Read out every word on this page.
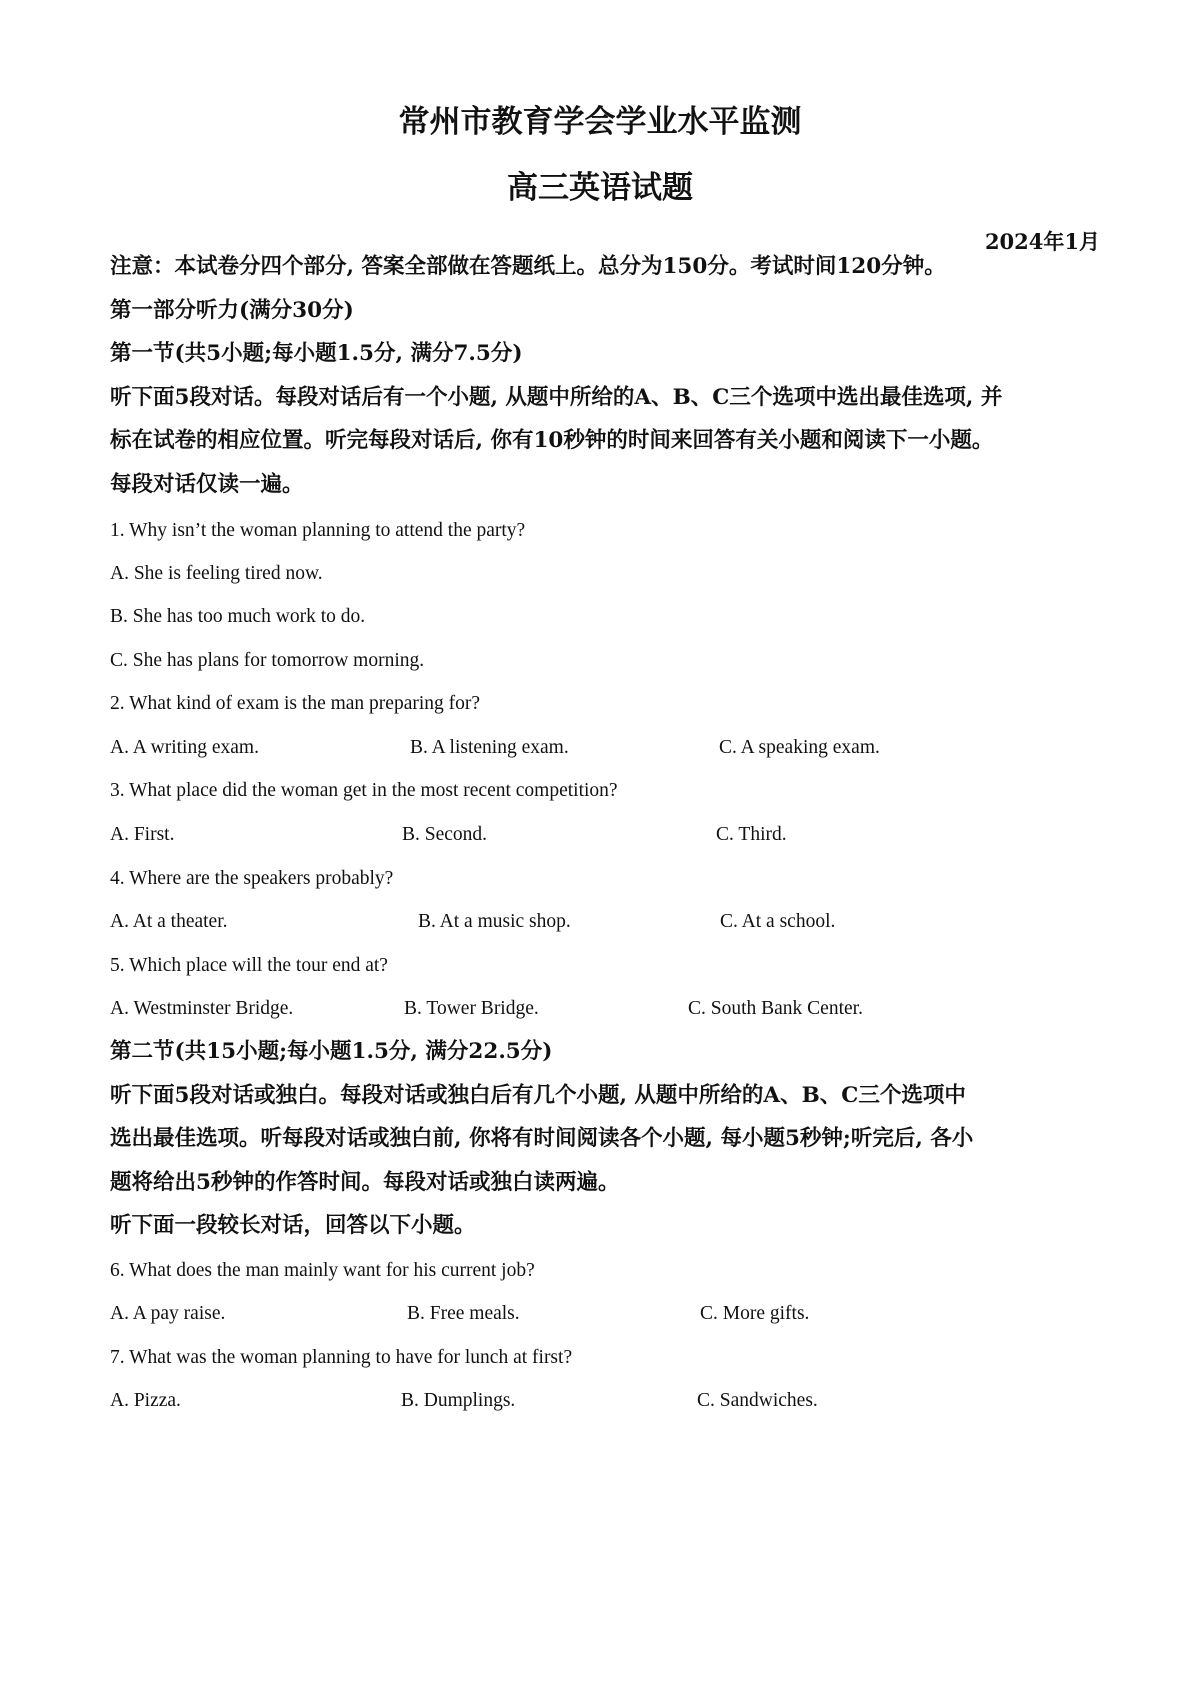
常州市教育学会学业水平监测
高三英语试题
2024年1月
注意：本试卷分四个部分, 答案全部做在答题纸上。总分为150分。考试时间120分钟。
第一部分听力(满分30分)
第一节(共5小题;每小题1.5分, 满分7.5分)
听下面5段对话。每段对话后有一个小题, 从题中所给的A、B、C三个选项中选出最佳选项, 并
标在试卷的相应位置。听完每段对话后, 你有10秒钟的时间来回答有关小题和阅读下一小题。
每段对话仅读一遍。
1. Why isn’t the woman planning to attend the party?
A. She is feeling tired now.
B. She has too much work to do.
C. She has plans for tomorrow morning.
2. What kind of exam is the man preparing for?
A. A writing exam.	B. A listening exam.	C. A speaking exam.
3. What place did the woman get in the most recent competition?
A. First.	B. Second.	C. Third.
4. Where are the speakers probably?
A. At a theater.	B. At a music shop.	C. At a school.
5. Which place will the tour end at?
A. Westminster Bridge.	B. Tower Bridge.	C. South Bank Center.
第二节(共15小题;每小题1.5分, 满分22.5分)
听下面5段对话或独白。每段对话或独白后有几个小题, 从题中所给的A、B、C三个选项中
选出最佳选项。听每段对话或独白前, 你将有时间阅读各个小题, 每小题5秒钟;听完后, 各小
题将给出5秒钟的作答时间。每段对话或独白读两遍。
听下面一段较长对话，回答以下小题。
6. What does the man mainly want for his current job?
A. A pay raise.	B. Free meals.	C. More gifts.
7. What was the woman planning to have for lunch at first?
A. Pizza.	B. Dumplings.	C. Sandwiches.
